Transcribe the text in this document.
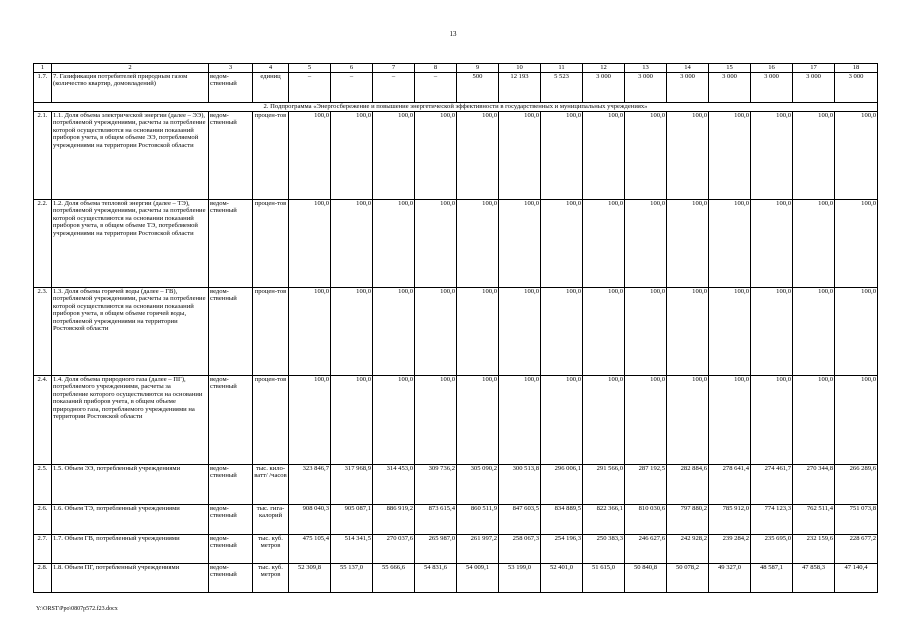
13
1	2	3	4	5	6	7	8	9	10	11	12	13	14	15	16	17	18
1.7.	7. Газификация потребителей природным газом (количество квартир, домовладений)	ведом-ственный	единиц	–	–	–	–	500	12 193	5 523	3 000	3 000	3 000	3 000	3 000	3 000	3 000
2. Подпрограмма «Энергосбережение и повышение энергетической эффективности в государственных и муниципальных учреждениях»																	
2.1.	1.1. Доля объема электрической энергии (далее – ЭЭ), потребляемой учреждениями, расчеты за потребление которой осуществляются на основании показаний приборов учета, в общем объеме ЭЭ, потребляемой учреждениями на территории Ростовской области	ведом-ственный	процен-тов	100,0	100,0	100,0	100,0	100,0	100,0	100,0	100,0	100,0	100,0	100,0	100,0	100,0	100,0
2.2.	1.2. Доля объема тепловой энергии (далее – ТЭ), потребляемой учреждениями, расчеты за потребление которой осуществляются на основании показаний приборов учета, в общем объеме ТЭ, потребляемой учреждениями на территории Ростовской области	ведом-ственный	процен-тов	100,0	100,0	100,0	100,0	100,0	100,0	100,0	100,0	100,0	100,0	100,0	100,0	100,0	100,0
2.3.	1.3. Доля объема горячей воды (далее – ГВ), потребляемой учреждениями, расчеты за потребление которой осуществляются на основании показаний приборов учета, в общем объеме горячей воды, потребляемой учреждениями на территории Ростовской области	ведом-ственный	процен-тов	100,0	100,0	100,0	100,0	100,0	100,0	100,0	100,0	100,0	100,0	100,0	100,0	100,0	100,0
2.4.	1.4. Доля объема природного газа (далее – ПГ), потребляемого учреждениями, расчеты за потребление которого осуществляются на основании показаний приборов учета, в общем объеме природного газа, потребляемого учреждениями на территории Ростовской области	ведом-ственный	процен-тов	100,0	100,0	100,0	100,0	100,0	100,0	100,0	100,0	100,0	100,0	100,0	100,0	100,0	100,0
2.5.	1.5. Объем ЭЭ, потребленный учреждениями	ведом-ственный	тыс. кило-ватт/ /часов	323 846,7	317 968,9	314 453,0	309 736,2	305 090,2	300 513,8	296 006,1	291 566,0	287 192,5	282 884,6	278 641,4	274 461,7	270 344,8	266 289,6
2.6.	1.6. Объем ТЭ, потребленный учреждениями	ведом-ственный	тыс. гига-калорий	908 040,3	905 087,1	886 919,2	873 615,4	860 511,9	847 603,5	834 889,5	822 366,1	810 030,6	797 880,2	785 912,0	774 123,3	762 511,4	751 073,8
2.7.	1.7. Объем ГВ, потребленный учреждениями	ведом-ственный	тыс. куб. метров	475 105,4	514 341,5	270 037,6	265 987,0	261 997,2	258 067,3	254 196,3	250 383,3	246 627,6	242 928,2	239 284,2	235 695,0	232 159,6	228 677,2
2.8.	1.8. Объем ПГ, потребленный учреждениями	ведом-ственный	тыс. куб. метров	52 309,8	55 137,0	55 666,6	54 831,6	54 009,1	53 199,0	52 401,0	51 615,0	50 840,8	50 078,2	49 327,0	48 587,1	47 858,3	47 140,4
Y:\ORST\Ppo\0807p572.f23.docx
